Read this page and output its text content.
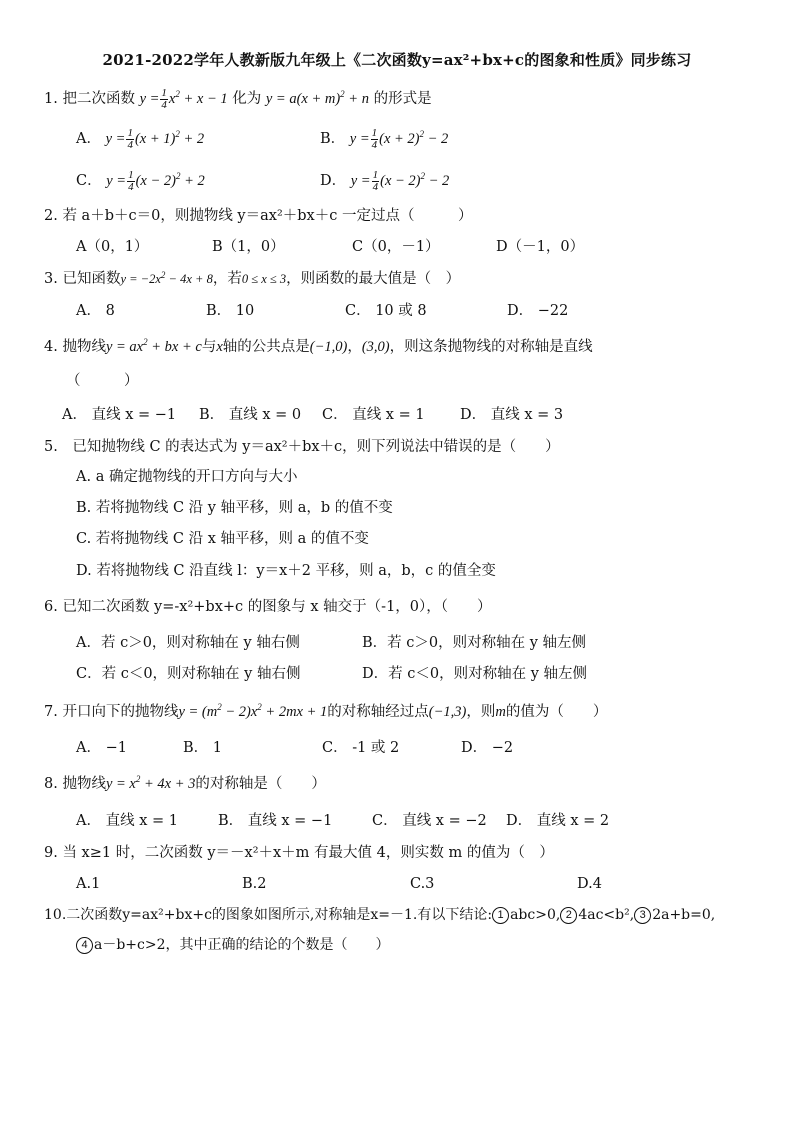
2021-2022学年人教新版九年级上《二次函数y=ax²+bx+c的图象和性质》同步练习
1. 把二次函数 $y = \frac{1}{4} x^2 + x - 1$ 化为 $y = a(x + m)^2 + n$ 的形式是
A． $y = \frac{1}{4} (x + 1)^2 + 2$	B． $y = \frac{1}{4} (x + 2)^2 - 2$
C． $y = \frac{1}{4} (x - 2)^2 + 2$	D． $y = \frac{1}{4} (x - 2)^2 - 2$
2. 若 a＋b＋c＝0，则抛物线 y＝ax²＋bx＋c 一定过点（　　　）
A（0，1）	B（1，0）	C（0，－1）	D（－1，0）
3. 已知函数$y = -2x^2 - 4x + 8$，若0 ≤ x ≤ 3，则函数的最大值是（　）
A． 8	B． 10	C． 10 或 8	D． −22
4. 抛物线$y = ax^2$ + bx + c与x轴的公共点是(−1,0)，(3,0)，则这条抛物线的对称轴是直线
（　　　）
A． 直线 x = −1 B． 直线 x = 0 C． 直线 x = 1 D． 直线 x = 3
5.　已知抛物线 C 的表达式为 y＝ax²＋bx＋c，则下列说法中错误的是（　　）
A. a 确定抛物线的开口方向与大小
B. 若将抛物线 C 沿 y 轴平移，则 a，b 的值不变
C. 若将抛物线 C 沿 x 轴平移，则 a 的值不变
D. 若将抛物线 C 沿直线 l：y＝x＋2 平移，则 a，b，c 的值全变
6. 已知二次函数 y=-x²+bx+c 的图象与 x 轴交于（-1，0），（　　）
A．若 c＞0，则对称轴在 y 轴右侧	B．若 c＞0，则对称轴在 y 轴左侧
C．若 c＜0，则对称轴在 y 轴右侧	D．若 c＜0，则对称轴在 y 轴左侧
7. 开口向下的抛物线$y = (m^2 - 2)x^2 + 2mx + 1$的对称轴经过点(−1,3)，则m的值为（　　）
A． −1	B． 1	C． -1 或 2	D． −2
8. 抛物线$y = x^2 + 4x + 3$的对称轴是（　　）
A． 直线 x = 1	B． 直线 x = −1	C． 直线 x = −2 D． 直线 x = 2
9. 当 x≥1 时，二次函数 y＝－x²＋x＋m 有最大值 4，则实数 m 的值为（　）
A.1	B.2	C.3	D.4
10.二次函数y=ax²+bx+c的图象如图所示,对称轴是x=－1.有以下结论: 1 abc>0, 2 4ac<b², 3 2a+b=0,
4 a－b+c>2，其中正确的结论的个数是（　　）
